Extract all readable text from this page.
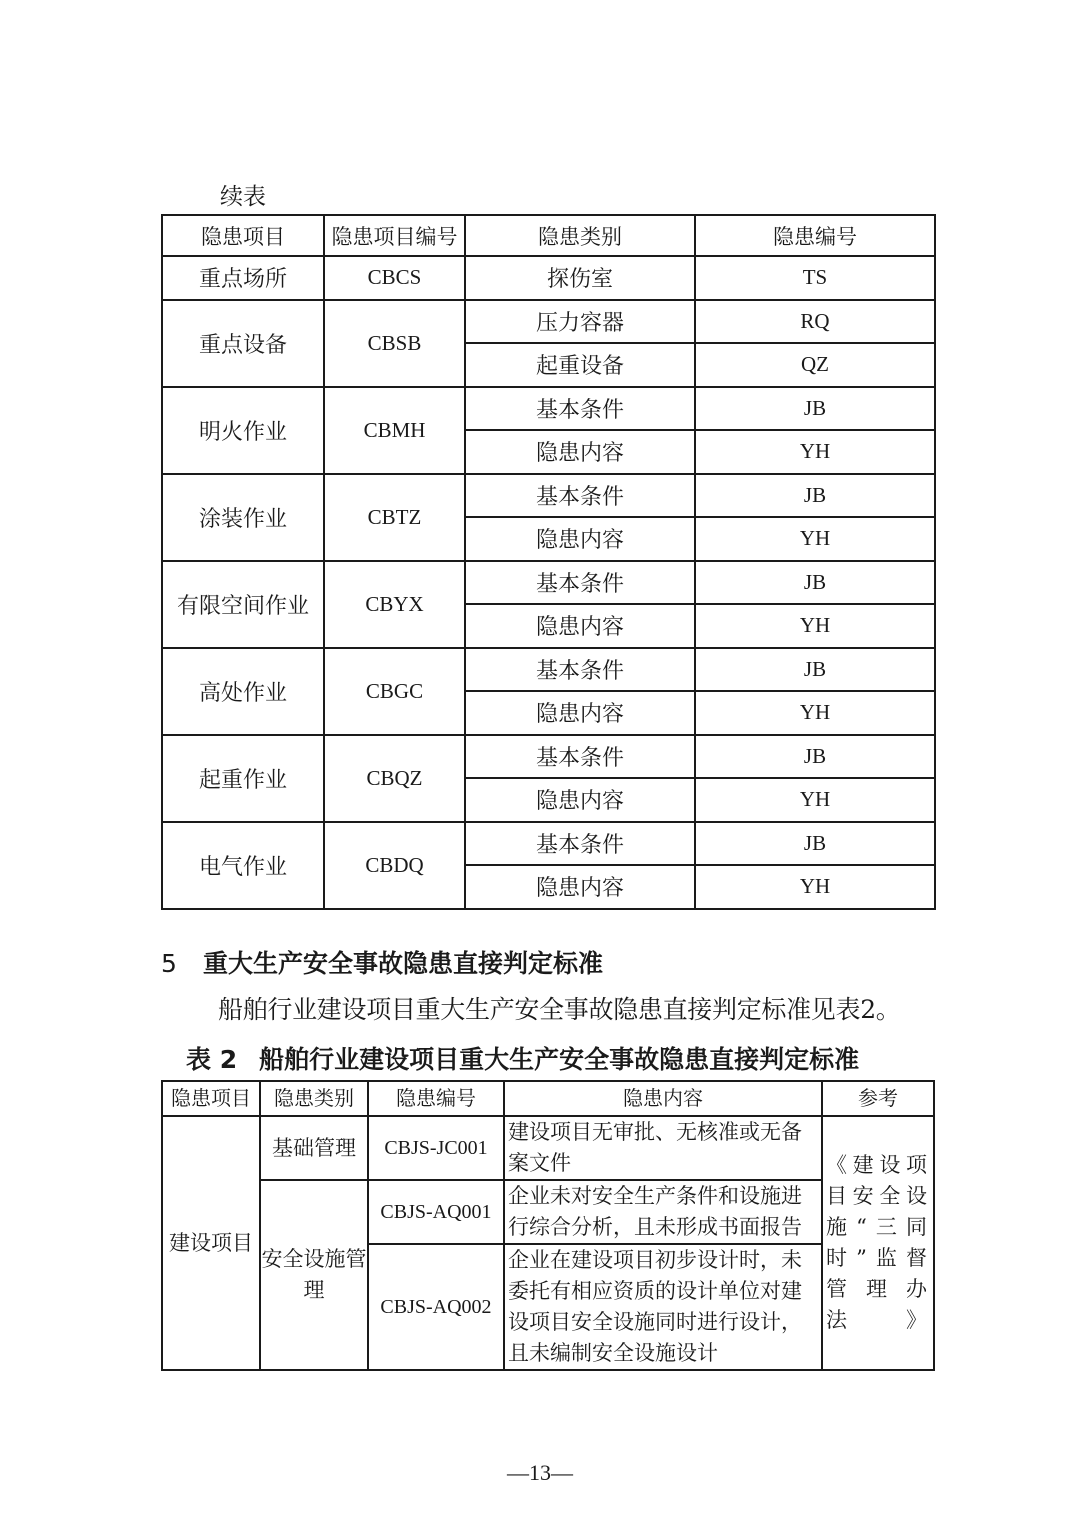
续表
隐患项目	隐患项目编号	隐患类别	隐患编号
重点场所	CBCS	探伤室	TS
重点设备	CBSB	压力容器	RQ
		起重设备	QZ
明火作业	CBMH	基本条件	JB
		隐患内容	YH
涂装作业	CBTZ	基本条件	JB
		隐患内容	YH
有限空间作业	CBYX	基本条件	JB
		隐患内容	YH
高处作业	CBGC	基本条件	JB
		隐患内容	YH
起重作业	CBQZ	基本条件	JB
		隐患内容	YH
电气作业	CBDQ	基本条件	JB
		隐患内容	YH
5 重大生产安全事故隐患直接判定标准
船舶行业建设项目重大生产安全事故隐患直接判定标准见表2。
表 2 船舶行业建设项目重大生产安全事故隐患直接判定标准
隐患项目	隐患类别	隐患编号	隐患内容	参考
建设项目	基础管理	CBJS-JC001	建设项目无审批、无核准或无备案文件	《建设项目安全设施“三同时”监督管理办法》
	安全设施管理	CBJS-AQ001	企业未对安全生产条件和设施进行综合分析，且未形成书面报告	
		CBJS-AQ002	企业在建设项目初步设计时，未委托有相应资质的设计单位对建设项目安全设施同时进行设计，且未编制安全设施设计	
—13—
